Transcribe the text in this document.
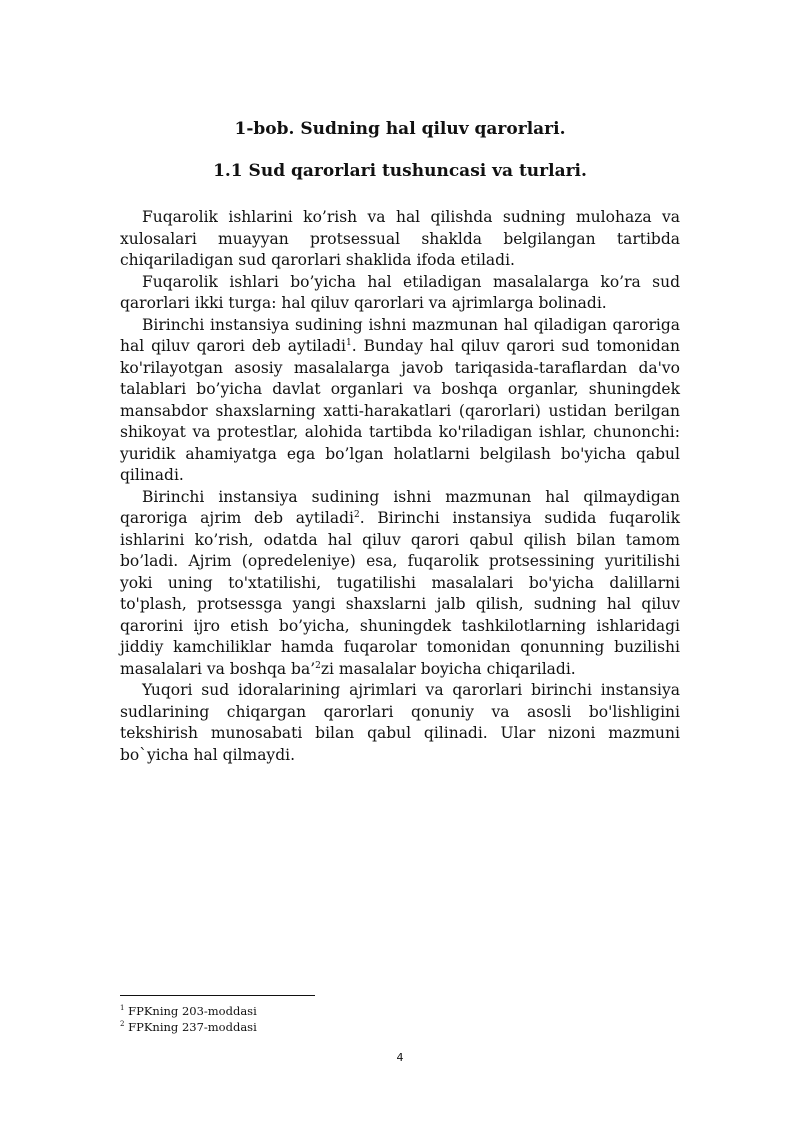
1-bob. Sudning hal qiluv qarorlari.
1.1 Sud qarorlari tushuncasi va turlari.

Fuqarolik ishlarini ko’rish va hal qilishda sudning mulohaza va xulosalari muayyan protsessual shaklda belgilangan tartibda chiqariladigan sud qarorlari shaklida ifoda etiladi.

Fuqarolik ishlari bo’yicha hal etiladigan masalalarga ko’ra sud qarorlari ikki turga: hal qiluv qarorlari va ajrimlarga bolinadi.

Birinchi instansiya sudining ishni mazmunan hal qiladigan qaroriga hal qiluv qarori deb aytiladi$^1$. Bunday hal qiluv qarori sud tomonidan ko'rilayotgan asosiy masalalarga javob tariqasida-taraflardan da'vo talablari bo’yicha davlat organlari va boshqa organlar, shuningdek mansabdor shaxslarning xatti-harakatlari (qarorlari) ustidan berilgan shikoyat va protestlar, alohida tartibda ko'riladigan ishlar, chunonchi: yuridik ahamiyatga ega bo’lgan holatlarni belgilash bo'yicha qabul qilinadi.

Birinchi instansiya sudining ishni mazmunan hal qilmaydigan qaroriga ajrim deb aytiladi$^2$. Birinchi instansiya sudida fuqarolik ishlarini ko’rish, odatda hal qiluv qarori qabul qilish bilan tamom bo’ladi. Ajrim (opredeleniye) esa, fuqarolik protsessining yuritilishi yoki uning to'xtatilishi, tugatilishi masalalari bo'yicha dalillarni to'plash, protsessga yangi shaxslarni jalb qilish, sudning hal qiluv qarorini ijro etish bo’yicha, shuningdek tashkilotlarning ishlaridagi jiddiy kamchiliklar hamda fuqarolar tomonidan qonunning buzilishi masalalari va boshqa ba’$^2$zi masalalar boyicha chiqariladi.

Yuqori sud idoralarining ajrimlari va qarorlari birinchi instansiya sudlarining chiqargan qarorlari qonuniy va asosli bo'lishligini tekshirish munosabati bilan qabul qilinadi. Ular nizoni mazmuni bo`yicha hal qilmaydi.

$^1$ FPKning 203-moddasi
$^2$ FPKning 237-moddasi
4
